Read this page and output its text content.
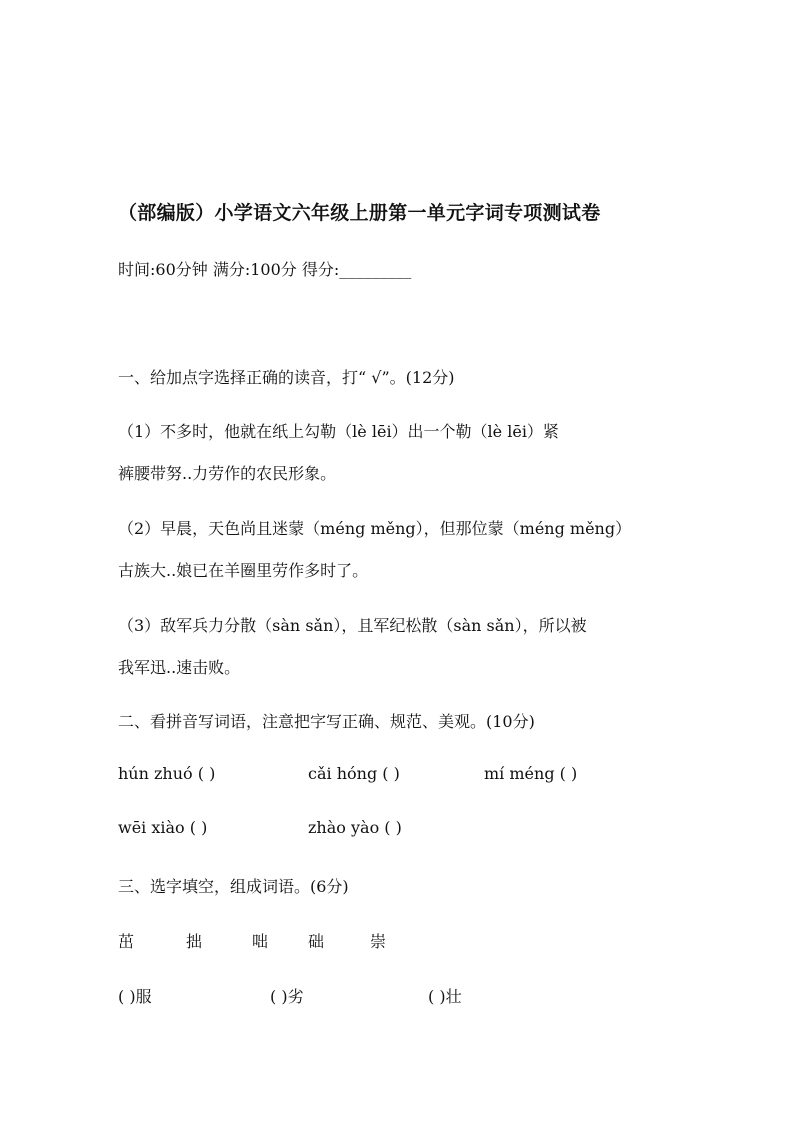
（部编版）小学语文六年级上册第一单元字词专项测试卷
时间:60分钟 满分:100分 得分:_________
一、给加点字选择正确的读音，打“ √”。(12分)
（1）不多时，他就在纸上勾勒（lè lēi）出一个勒（lè lēi）紧
裤腰带努..力劳作的农民形象。
（2）早晨，天色尚且迷蒙（méng měng），但那位蒙（méng měng）
古族大..娘已在羊圈里劳作多时了。
（3）敌军兵力分散（sàn sǎn），且军纪松散（sàn sǎn），所以被
我军迅..速击败。
二、看拼音写词语，注意把字写正确、规范、美观。(10分)
hún zhuó ( )	cǎi hóng ( )	mí méng ( )
wēi xiào ( )	zhào yào ( )
三、选字填空，组成词语。(6分)
茁	拙	咄 础	崇
( )服	( )劣	( )壮
